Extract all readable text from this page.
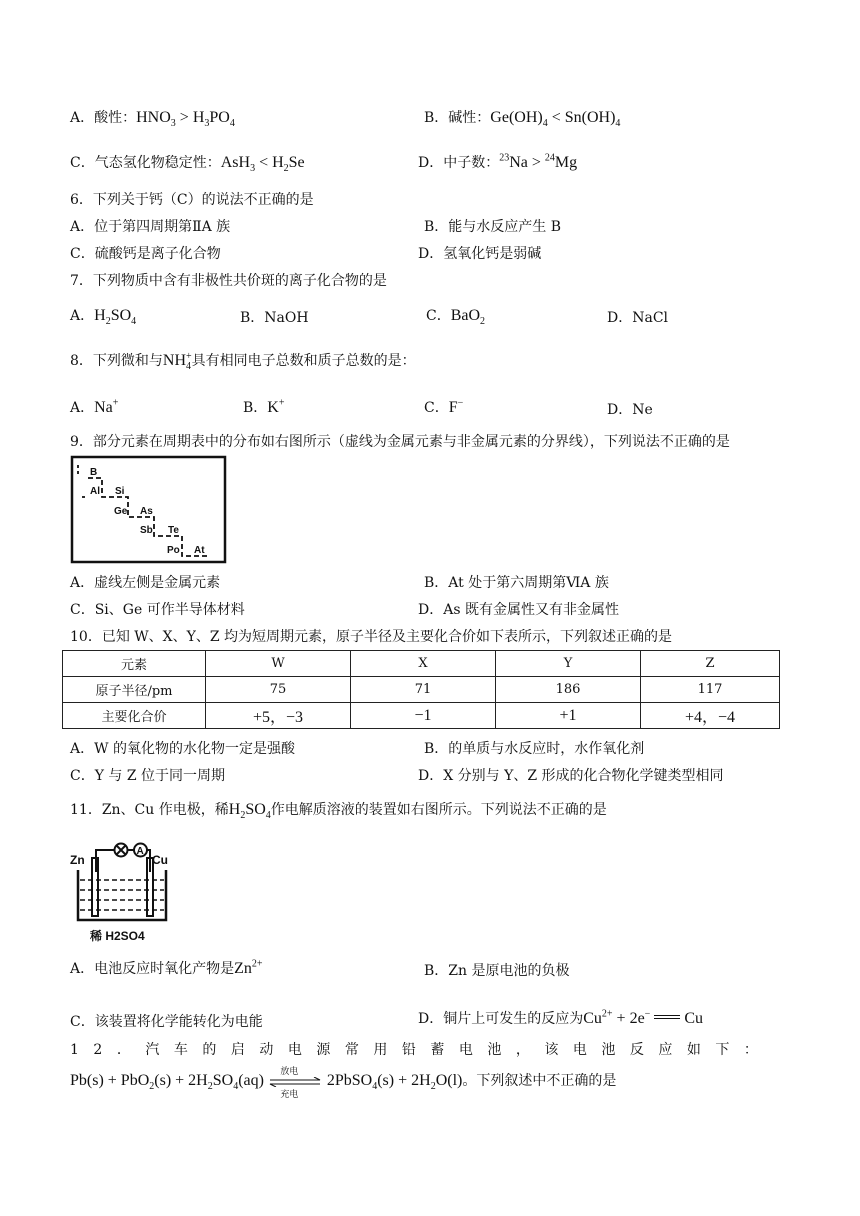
A．酸性：$HNO_3 > H_3PO_4$	B．碱性：$Ge(OH)_4 < Sn(OH)_4$
C．气态氢化物稳定性：$AsH_3 < H_2Se$	D．中子数：$^{23}$Na > $^{24}$Mg
6．下列关于钙（C）的说法不正确的是
A．位于第四周期第ⅡA 族	B．能与水反应产生 B
C．硫酸钙是离子化合物	D．氢氧化钙是弱碱
7．下列物质中含有非极性共价斑的离子化合物的是
A．$H_2SO_4$	B．NaOH	C．BaO$_2$	D．NaCl
8．下列微和与$NH_4^+$具有相同电子总数和质子总数的是：
A．Na+	B．K+	C．F−	D．Ne
9．部分元素在周期表中的分布如右图所示（虚线为金属元素与非金属元素的分界线），下列说法不正确的是
B
Al Si
Ge As
Sb Te
Po At
A．虚线左侧是金属元素	B．At 处于第六周期第ⅥA 族
C．Si、Ge 可作半导体材料	D．As 既有金属性又有非金属性
10．已知 W、X、Y、Z 均为短周期元素，原子半径及主要化合价如下表所示，下列叙述正确的是
元素	W	X	Y	Z
原子半径/pm	75	71	186	117
主要化合价	+5，−3	−1	+1	+4，−4
A．W 的氧化物的水化物一定是强酸	B．的单质与水反应时，水作氧化剂
C．Y 与 Z 位于同一周期	D．X 分别与 Y、Z 形成的化合物化学键类型相同
11．Zn、Cu 作电极，稀$H_2SO_4$作电解质溶液的装置如右图所示。下列说法不正确的是
Zn	Cu
稀 H2SO4
A
A．电池反应时氧化产物是$Zn^{2+}$	B．Zn 是原电池的负极
C．该装置将化学能转化为电能	D．铜片上可发生的反应为$Cu^{2+} + 2e^-$  Cu
12．汽车的启动电源常用铅蓄电池，该电池反应如下：
$Pb(s) + PbO_2(s) + 2H_2SO_4(aq)$ 放电
充电
2PbSO$_4$(s) + $2H_2O(l)$。下列叙述中不正确的是
